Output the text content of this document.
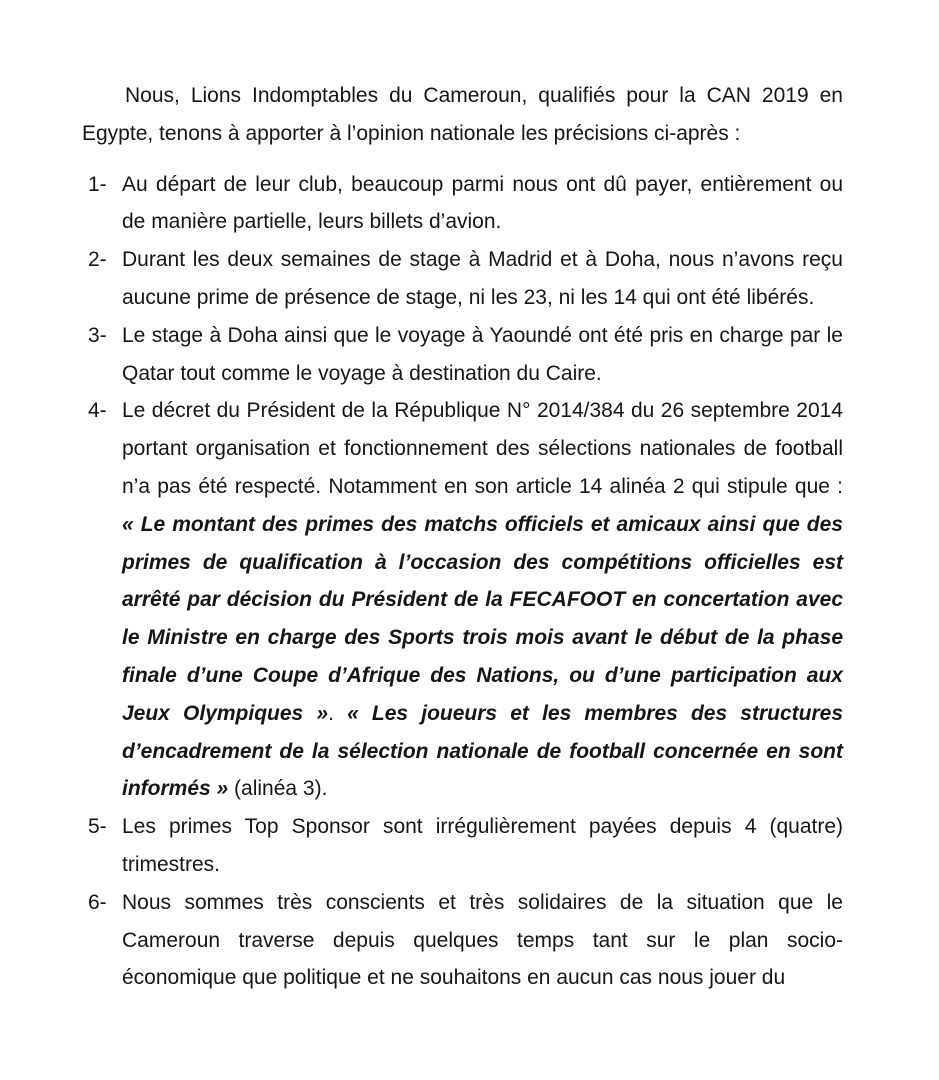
Nous, Lions Indomptables du Cameroun, qualifiés pour la CAN 2019 en Egypte, tenons à apporter à l’opinion nationale les précisions ci-après :

1- Au départ de leur club, beaucoup parmi nous ont dû payer, entièrement ou de manière partielle, leurs billets d’avion.
2- Durant les deux semaines de stage à Madrid et à Doha, nous n’avons reçu aucune prime de présence de stage, ni les 23, ni les 14 qui ont été libérés.
3- Le stage à Doha ainsi que le voyage à Yaoundé ont été pris en charge par le Qatar tout comme le voyage à destination du Caire.
4- Le décret du Président de la République N° 2014/384 du 26 septembre 2014 portant organisation et fonctionnement des sélections nationales de football n’a pas été respecté. Notamment en son article 14 alinéa 2 qui stipule que : « Le montant des primes des matchs officiels et amicaux ainsi que des primes de qualification à l’occasion des compétitions officielles est arrêté par décision du Président de la FECAFOOT en concertation avec le Ministre en charge des Sports trois mois avant le début de la phase finale d’une Coupe d’Afrique des Nations, ou d’une participation aux Jeux Olympiques ». « Les joueurs et les membres des structures d’encadrement de la sélection nationale de football concernée en sont informés » (alinéa 3).
5- Les primes Top Sponsor sont irrégulièrement payées depuis 4 (quatre) trimestres.
6- Nous sommes très conscients et très solidaires de la situation que le Cameroun traverse depuis quelques temps tant sur le plan socio-économique que politique et ne souhaitons en aucun cas nous jouer du
